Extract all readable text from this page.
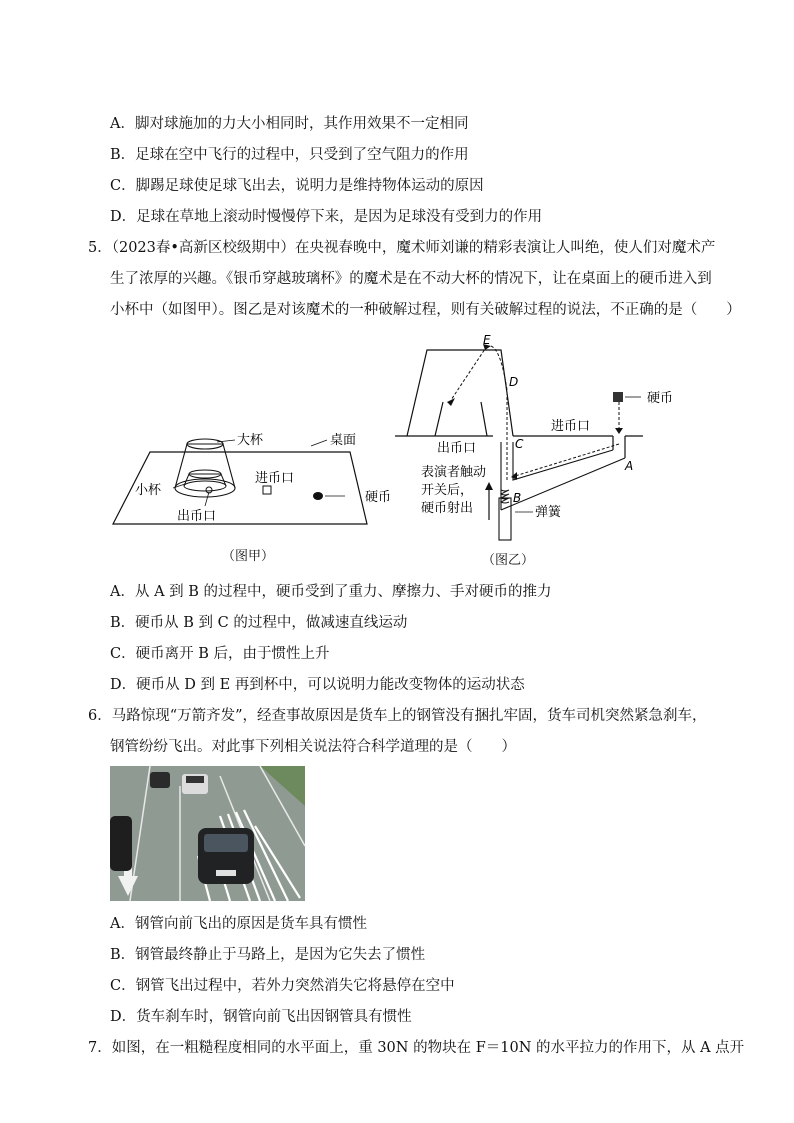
A．脚对球施加的力大小相同时，其作用效果不一定相同
B．足球在空中飞行的过程中，只受到了空气阻力的作用
C．脚踢足球使足球飞出去，说明力是维持物体运动的原因
D．足球在草地上滚动时慢慢停下来，是因为足球没有受到力的作用
5．（2023春•高新区校级期中）在央视春晚中，魔术师刘谦的精彩表演让人叫绝，使人们对魔术产
生了浓厚的兴趣。《银币穿越玻璃杯》的魔术是在不动大杯的情况下，让在桌面上的硬币进入到
小杯中（如图甲）。图乙是对该魔术的一种破解过程，则有关破解过程的说法，不正确的是（　　）
大杯	桌面
小杯
进币口
硬币
出币口
（图甲）
E
D
C
B
A
硬币
进币口
出币口
表演者触动
开关后，
硬币射出	弹簧
（图乙）
A．从 A 到 B 的过程中，硬币受到了重力、摩擦力、手对硬币的推力
B．硬币从 B 到 C 的过程中，做减速直线运动
C．硬币离开 B 后，由于惯性上升
D．硬币从 D 到 E 再到杯中，可以说明力能改变物体的运动状态
6．马路惊现“万箭齐发”，经查事故原因是货车上的钢管没有捆扎牢固，货车司机突然紧急刹车，
钢管纷纷飞出。对此事下列相关说法符合科学道理的是（　　）
A．钢管向前飞出的原因是货车具有惯性
B．钢管最终静止于马路上，是因为它失去了惯性
C．钢管飞出过程中，若外力突然消失它将悬停在空中
D．货车刹车时，钢管向前飞出因钢管具有惯性
7．如图，在一粗糙程度相同的水平面上，重 30N 的物块在 F＝10N 的水平拉力的作用下，从 A 点开
